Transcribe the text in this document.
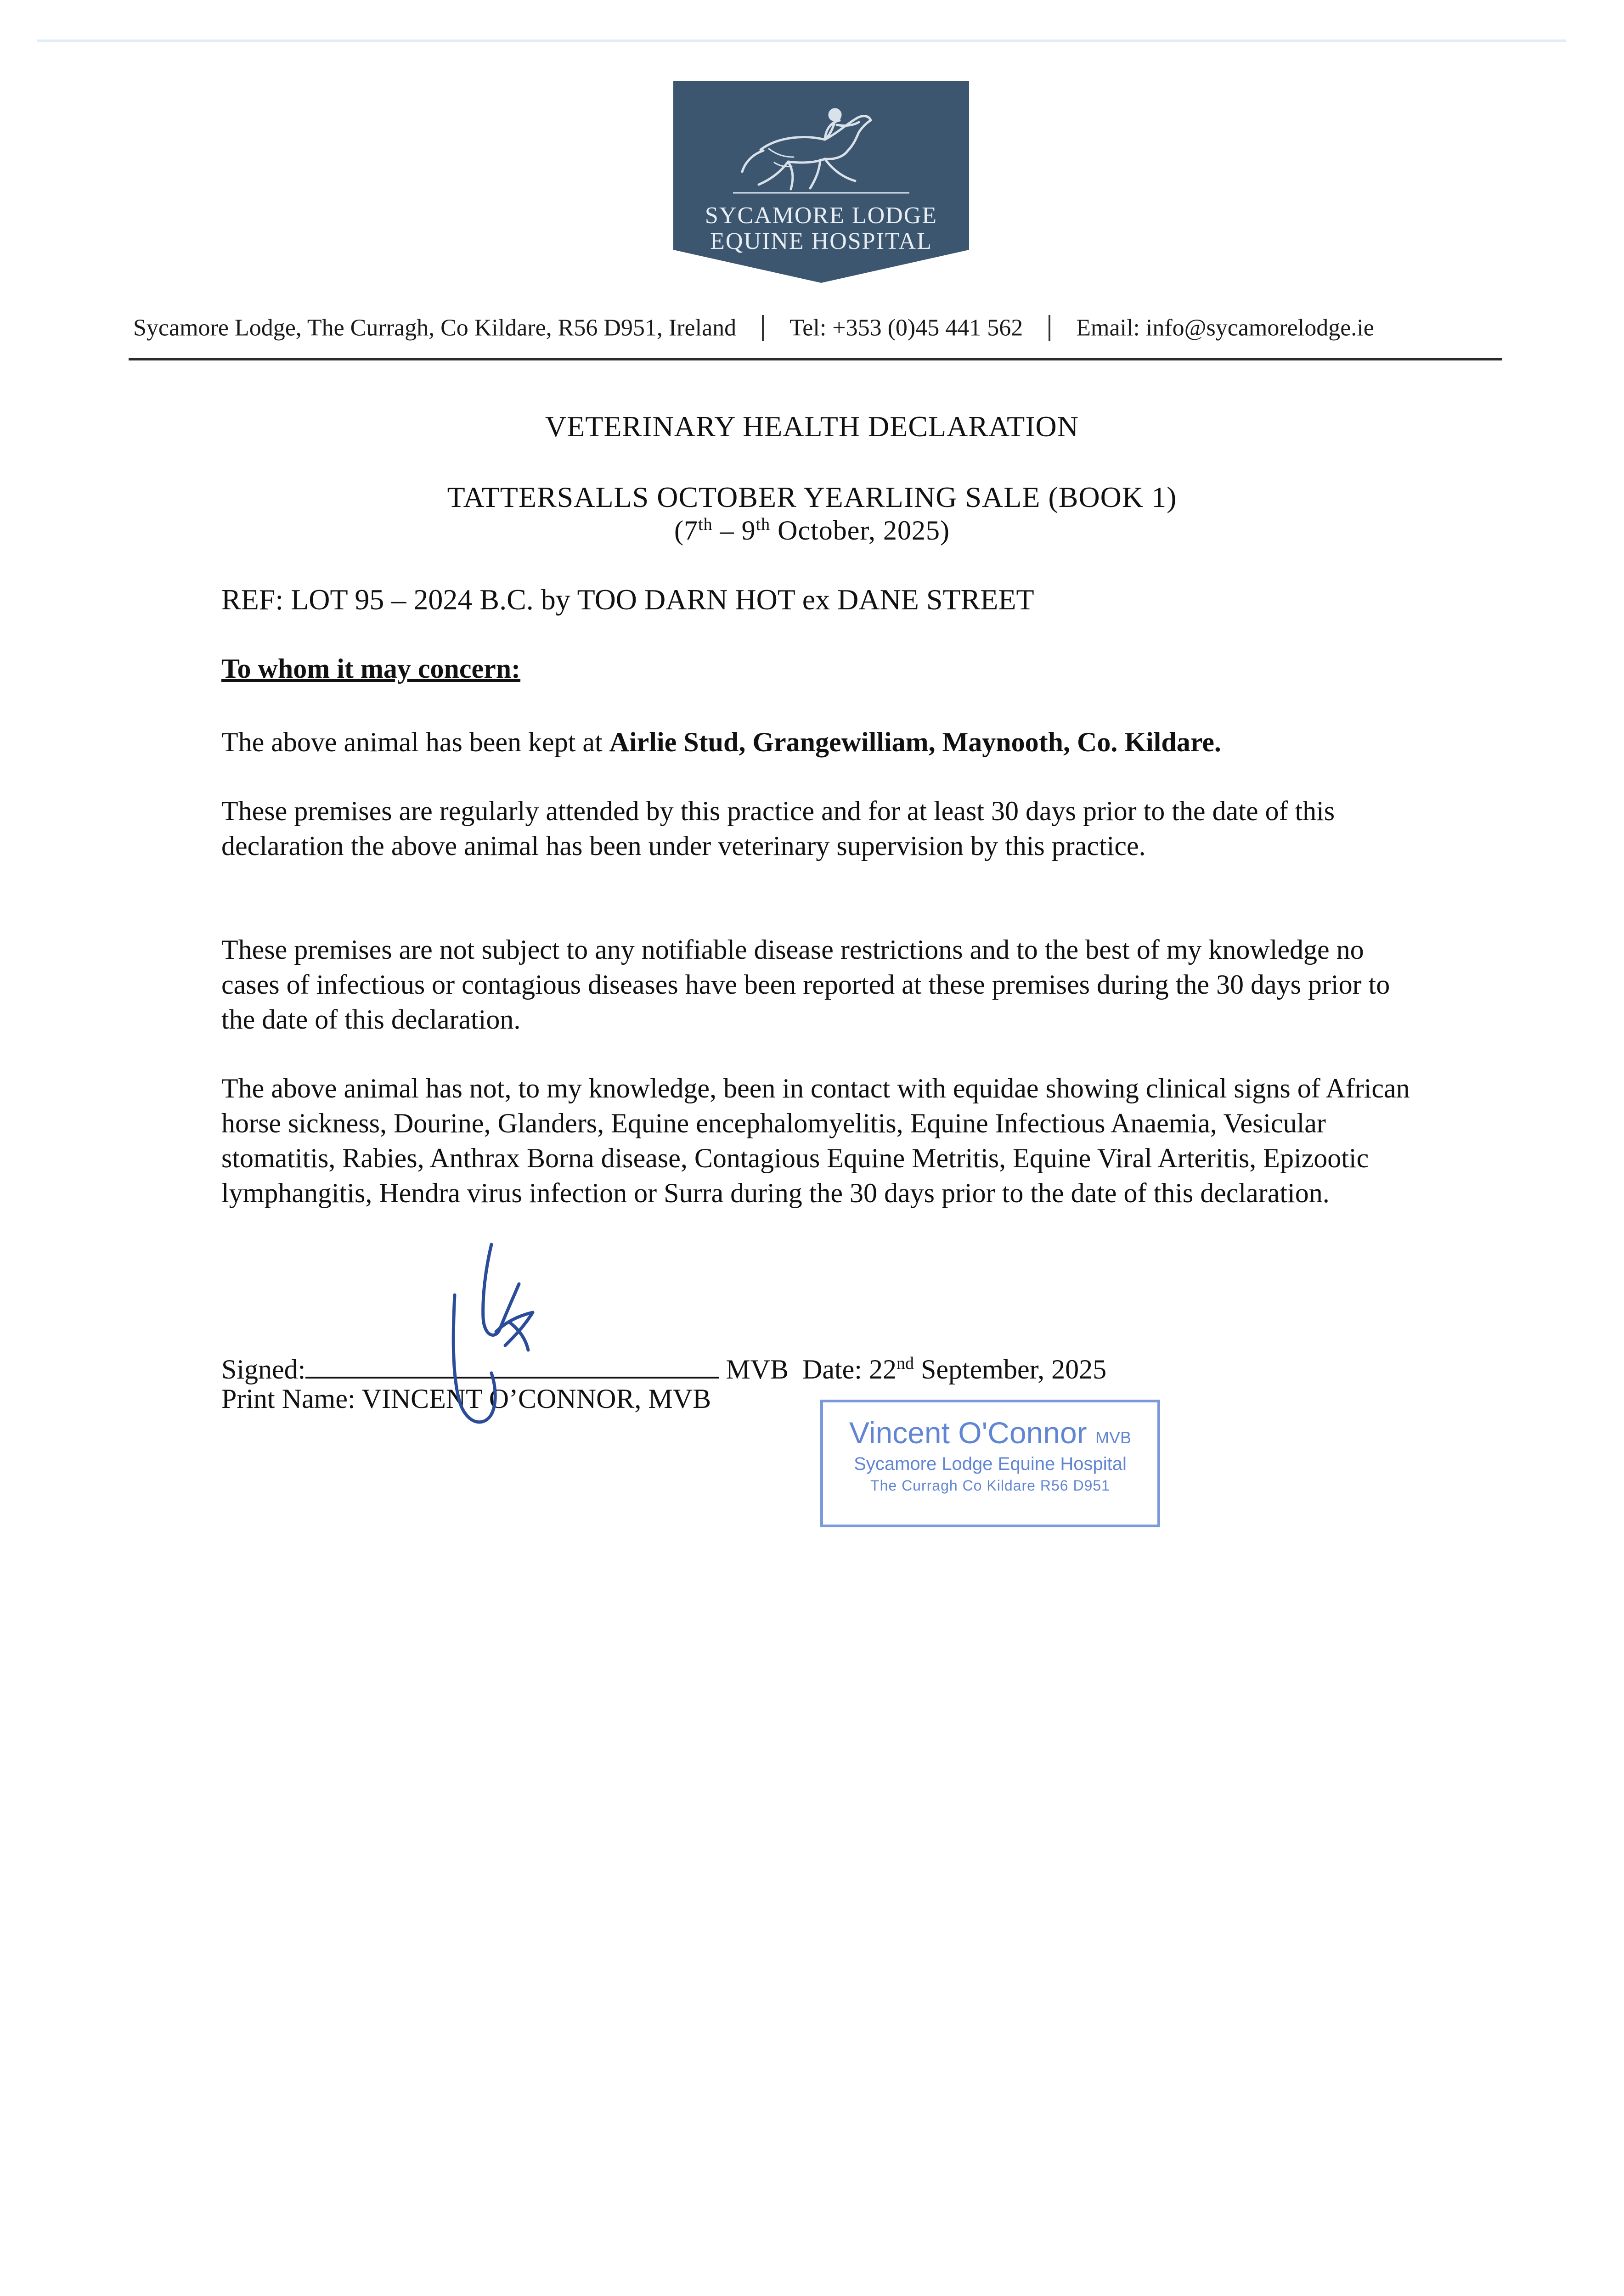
SYCAMORE LODGE
EQUINE HOSPITAL
Sycamore Lodge, The Curragh, Co Kildare, R56 D951, Ireland Tel: +353 (0)45 441 562 Email: info@sycamorelodge.ie
VETERINARY HEALTH DECLARATION
TATTERSALLS OCTOBER YEARLING SALE (BOOK 1)
(7th – 9th October, 2025)
REF: LOT 95 – 2024 B.C. by TOO DARN HOT ex DANE STREET
To whom it may concern:
The above animal has been kept at Airlie Stud, Grangewilliam, Maynooth, Co. Kildare.
These premises are regularly attended by this practice and for at least 30 days prior to the date of this declaration the above animal has been under veterinary supervision by this practice.
These premises are not subject to any notifiable disease restrictions and to the best of my knowledge no cases of infectious or contagious diseases have been reported at these premises during the 30 days prior to the date of this declaration.
The above animal has not, to my knowledge, been in contact with equidae showing clinical signs of African horse sickness, Dourine, Glanders, Equine encephalomyelitis, Equine Infectious Anaemia, Vesicular stomatitis, Rabies, Anthrax Borna disease, Contagious Equine Metritis, Equine Viral Arteritis, Epizootic lymphangitis, Hendra virus infection or Surra during the 30 days prior to the date of this declaration.
Signed:	MVB Date: 22nd September, 2025
Print Name: VINCENT O’CONNOR, MVB
Vincent O'Connor MVB
Sycamore Lodge Equine Hospital
The Curragh Co Kildare R56 D951
